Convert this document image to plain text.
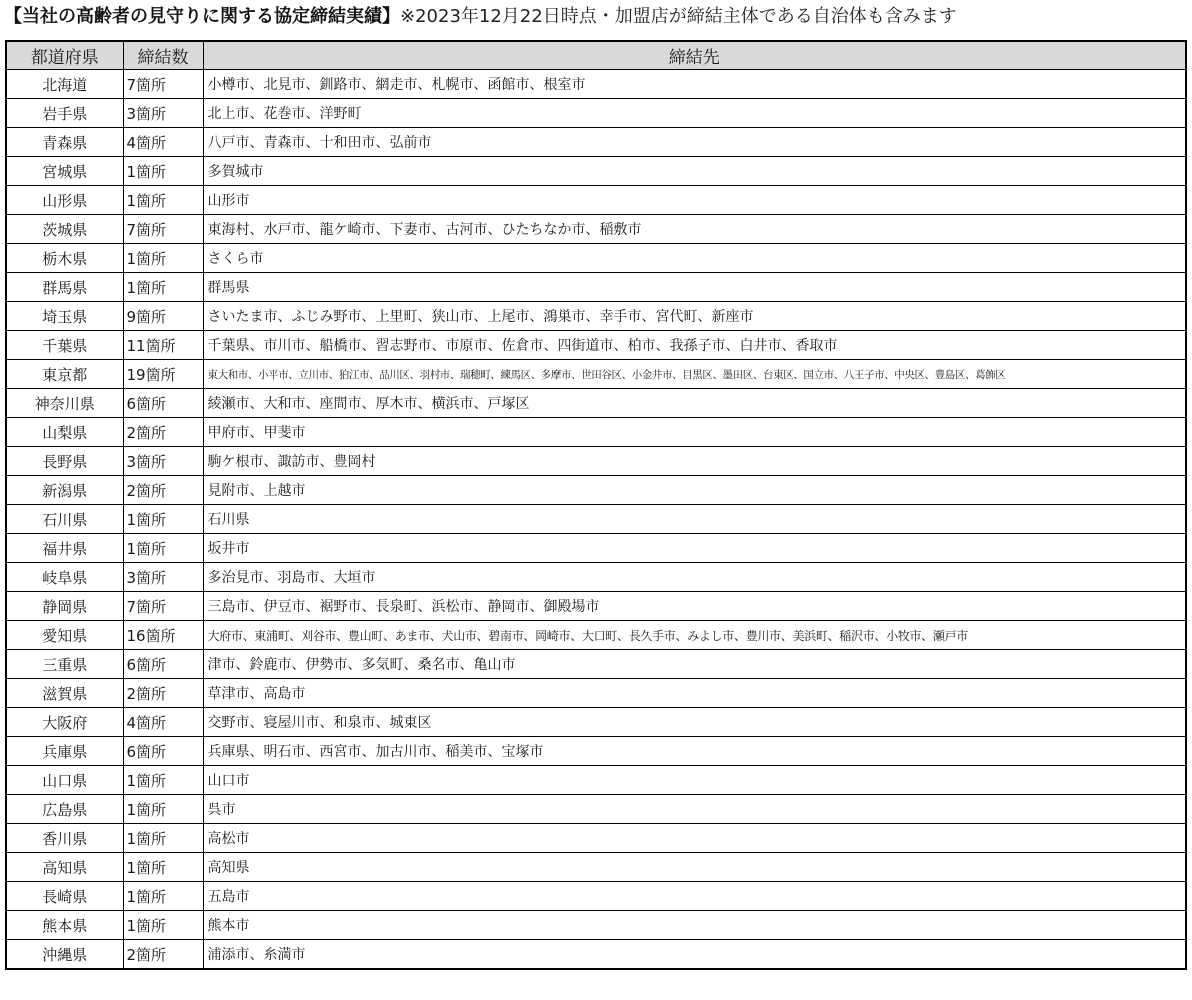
【当社の高齢者の見守りに関する協定締結実績】※2023年12月22日時点・加盟店が締結主体である自治体も含みます
都道府県	締結数	締結先
北海道	7箇所	小樽市、北見市、釧路市、網走市、札幌市、函館市、根室市
岩手県	3箇所	北上市、花巻市、洋野町
青森県	4箇所	八戸市、青森市、十和田市、弘前市
宮城県	1箇所	多賀城市
山形県	1箇所	山形市
茨城県	7箇所	東海村、水戸市、龍ケ崎市、下妻市、古河市、ひたちなか市、稲敷市
栃木県	1箇所	さくら市
群馬県	1箇所	群馬県
埼玉県	9箇所	さいたま市、ふじみ野市、上里町、狭山市、上尾市、鴻巣市、幸手市、宮代町、新座市
千葉県	11箇所	千葉県、市川市、船橋市、習志野市、市原市、佐倉市、四街道市、柏市、我孫子市、白井市、香取市
東京都	19箇所	東大和市、小平市、立川市、狛江市、品川区、羽村市、瑞穂町、練馬区、多摩市、世田谷区、小金井市、目黒区、墨田区、台東区、国立市、八王子市、中央区、豊島区、葛飾区
神奈川県	6箇所	綾瀬市、大和市、座間市、厚木市、横浜市、戸塚区
山梨県	2箇所	甲府市、甲斐市
長野県	3箇所	駒ケ根市、諏訪市、豊岡村
新潟県	2箇所	見附市、上越市
石川県	1箇所	石川県
福井県	1箇所	坂井市
岐阜県	3箇所	多治見市、羽島市、大垣市
静岡県	7箇所	三島市、伊豆市、裾野市、長泉町、浜松市、静岡市、御殿場市
愛知県	16箇所	大府市、東浦町、刈谷市、豊山町、あま市、犬山市、碧南市、岡崎市、大口町、長久手市、みよし市、豊川市、美浜町、稲沢市、小牧市、瀬戸市
三重県	6箇所	津市、鈴鹿市、伊勢市、多気町、桑名市、亀山市
滋賀県	2箇所	草津市、高島市
大阪府	4箇所	交野市、寝屋川市、和泉市、城東区
兵庫県	6箇所	兵庫県、明石市、西宮市、加古川市、稲美市、宝塚市
山口県	1箇所	山口市
広島県	1箇所	呉市
香川県	1箇所	高松市
高知県	1箇所	高知県
長崎県	1箇所	五島市
熊本県	1箇所	熊本市
沖縄県	2箇所	浦添市、糸満市
